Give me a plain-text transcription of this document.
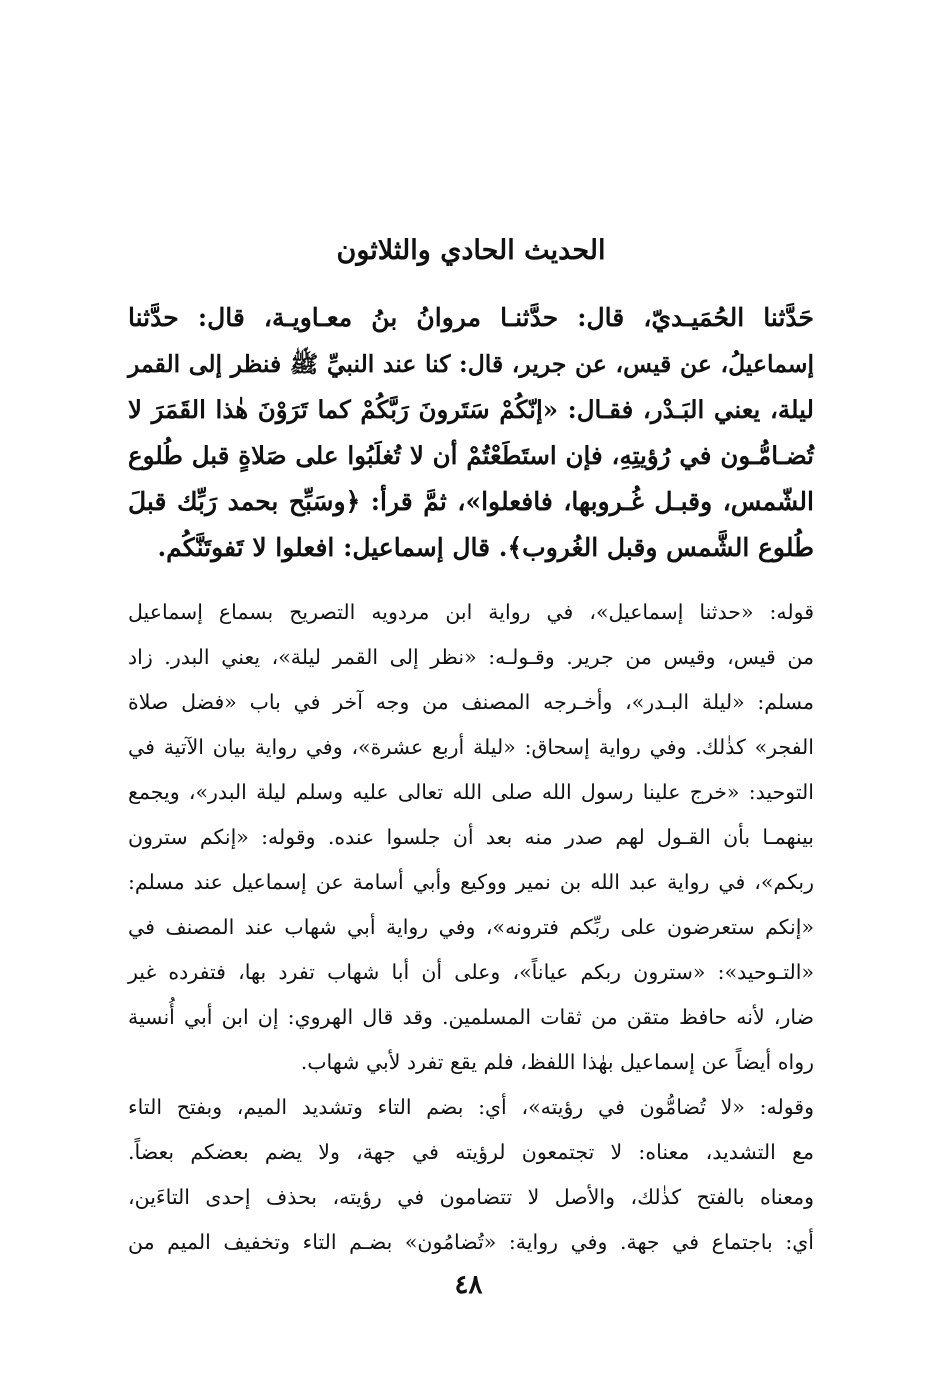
الحديث الحادي والثلاثون
حَدَّثنا الحُمَيـديّ، قال: حدَّثنـا مروانُ بنُ معـاويـة، قال: حدَّثنا
إسماعيلُ، عن قيس، عن جرير، قال: كنا عند النبيِّ ﷺ فنظر إلى القمر
ليلة، يعني البَـدْر، فقـال: «إنّكُمْ سَتَرونَ رَبَّكُمْ كما تَرَوْنَ هٰذا القَمَرَ لا
تُضـامُّـون في رُؤيتِهِ، فإن استَطَعْتُمْ أن لا تُغلَبُوا على صَلاةٍ قبل طُلوع
الشّمس، وقبـل غُـروبها، فافعلوا»، ثمَّ قرأ: ﴿وسَبِّح بحمد رَبِّك قبلَ
طُلوع الشَّمس وقبل الغُروب﴾. قال إسماعيل: افعلوا لا تَفوتَنَّكُم.
قوله: «حدثنا إسماعيل»، في رواية ابن مردويه التصريح بسماع إسماعيل
من قيس، وقيس من جرير. وقـولـه: «نظر إلى القمر ليلة»، يعني البدر. زاد
مسلم: «ليلة البـدر»، وأخـرجه المصنف من وجه آخر في باب «فضل صلاة
الفجر» كذٰلك. وفي رواية إسحاق: «ليلة أربع عشرة»، وفي رواية بيان الآتية في
التوحيد: «خرج علينا رسول الله صلى الله تعالى عليه وسلم ليلة البدر»، ويجمع
بينهمـا بأن القـول لهم صدر منه بعد أن جلسوا عنده. وقوله: «إنكم سترون
ربكم»، في رواية عبد الله بن نمير ووكيع وأبي أسامة عن إسماعيل عند مسلم:
«إنكم ستعرضون على ربِّكم فترونه»، وفي رواية أبي شهاب عند المصنف في
«التـوحيد»: «سترون ربكم عياناً»، وعلى أن أبا شهاب تفرد بها، فتفرده غير
ضار، لأنه حافظ متقن من ثقات المسلمين. وقد قال الهروي: إن ابن أبي أُنسية
رواه أيضاً عن إسماعيل بهٰذا اللفظ، فلم يقع تفرد لأبي شهاب.
وقوله: «لا تُضامُّون في رؤيته»، أي: بضم التاء وتشديد الميم، وبفتح التاء
مع التشديد، معناه: لا تجتمعون لرؤيته في جهة، ولا يضم بعضكم بعضاً.
ومعناه بالفتح كذٰلك، والأصل لا تتضامون في رؤيته، بحذف إحدى التاءَين،
أي: باجتماع في جهة. وفي رواية: «تُضامُون» بضـم التاء وتخفيف الميم من
٤٨
